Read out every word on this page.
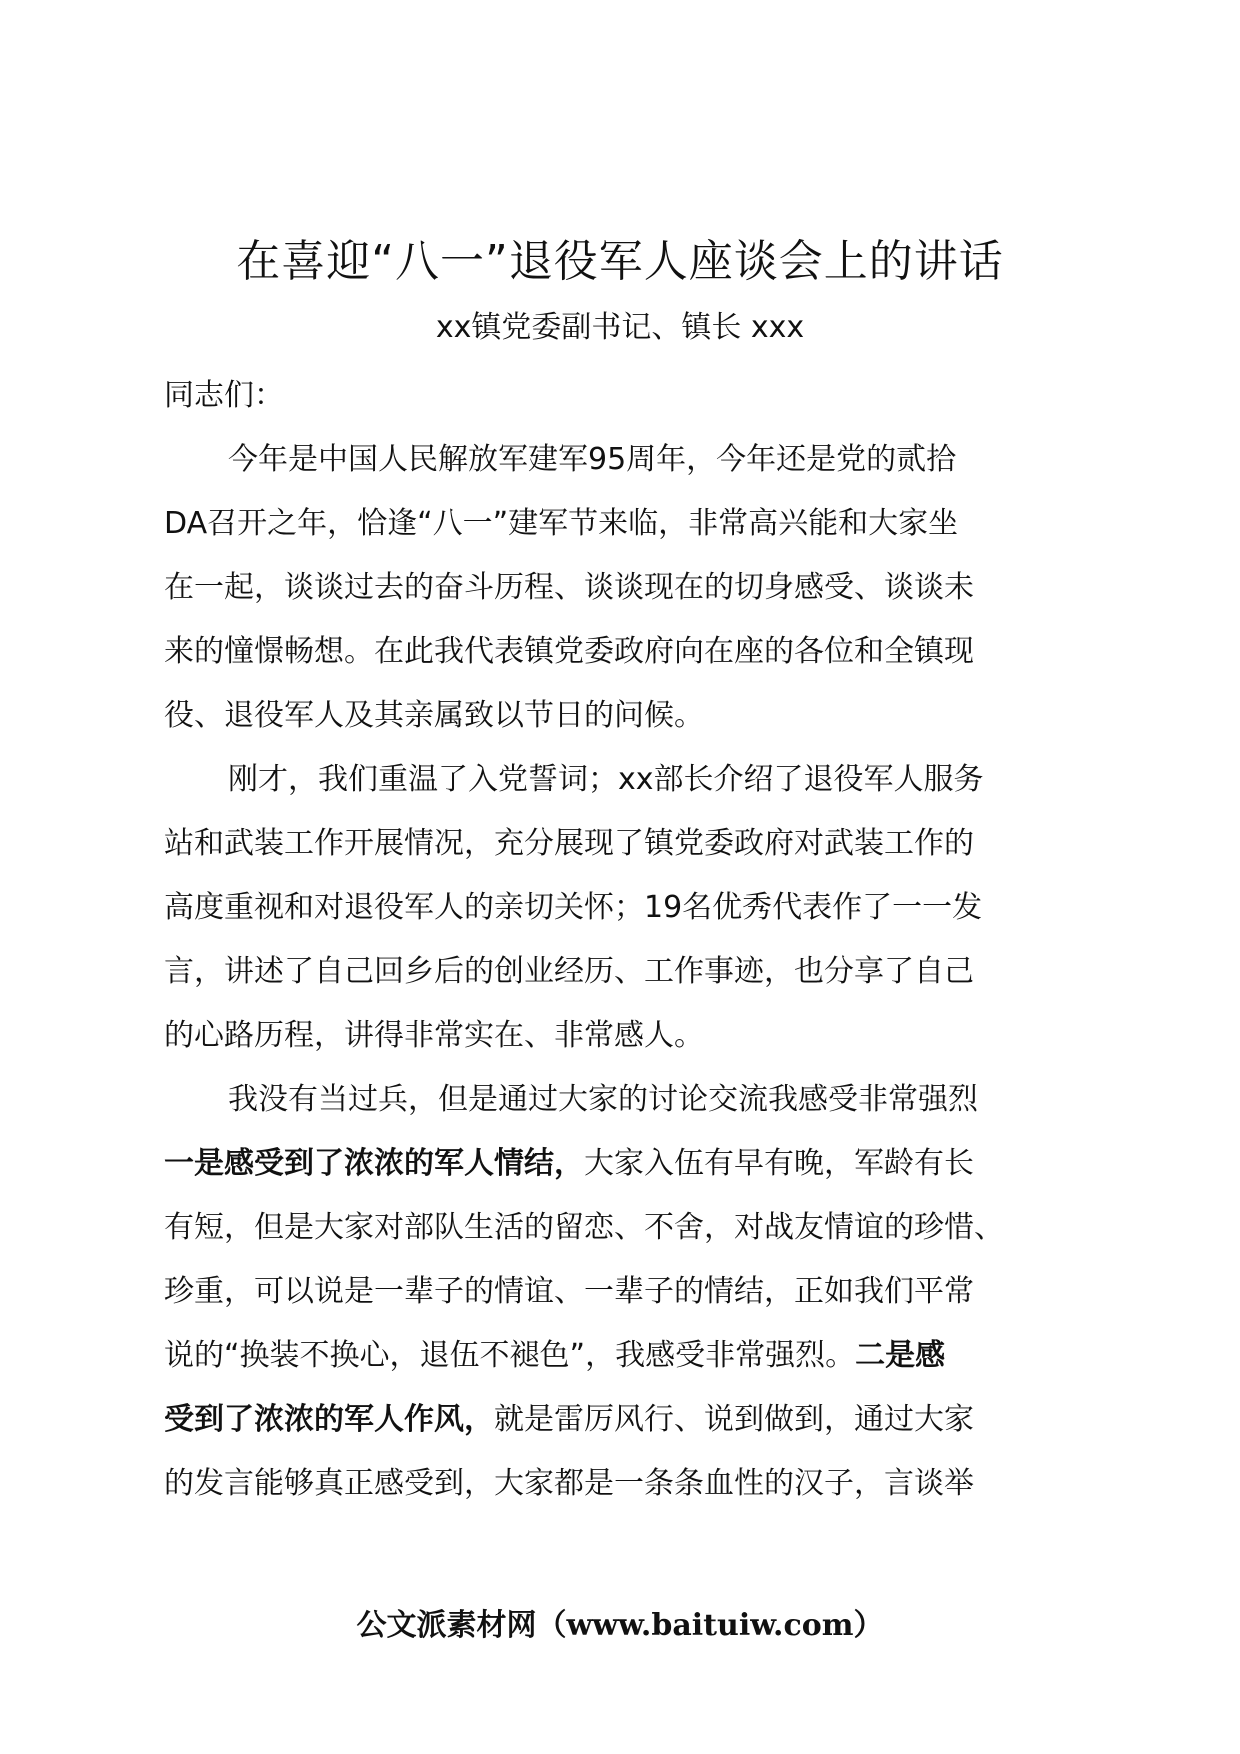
在喜迎“八一”退役军人座谈会上的讲话
xx镇党委副书记、镇长 xxx

同志们：

今年是中国人民解放军建军95周年，今年还是党的贰拾
DA召开之年，恰逢“八一”建军节来临，非常高兴能和大家坐
在一起，谈谈过去的奋斗历程、谈谈现在的切身感受、谈谈未
来的憧憬畅想。在此我代表镇党委政府向在座的各位和全镇现
役、退役军人及其亲属致以节日的问候。

刚才，我们重温了入党誓词；xx部长介绍了退役军人服务
站和武装工作开展情况，充分展现了镇党委政府对武装工作的
高度重视和对退役军人的亲切关怀；19名优秀代表作了一一发
言，讲述了自己回乡后的创业经历、工作事迹，也分享了自己
的心路历程，讲得非常实在、非常感人。

我没有当过兵，但是通过大家的讨论交流我感受非常强烈
一是感受到了浓浓的军人情结，大家入伍有早有晚，军龄有长
有短，但是大家对部队生活的留恋、不舍，对战友情谊的珍惜、
珍重，可以说是一辈子的情谊、一辈子的情结，正如我们平常
说的“换装不换心，退伍不褪色”，我感受非常强烈。二是感
受到了浓浓的军人作风，就是雷厉风行、说到做到，通过大家
的发言能够真正感受到，大家都是一条条血性的汉子，言谈举

公文派素材网（www.baituiw.com）
